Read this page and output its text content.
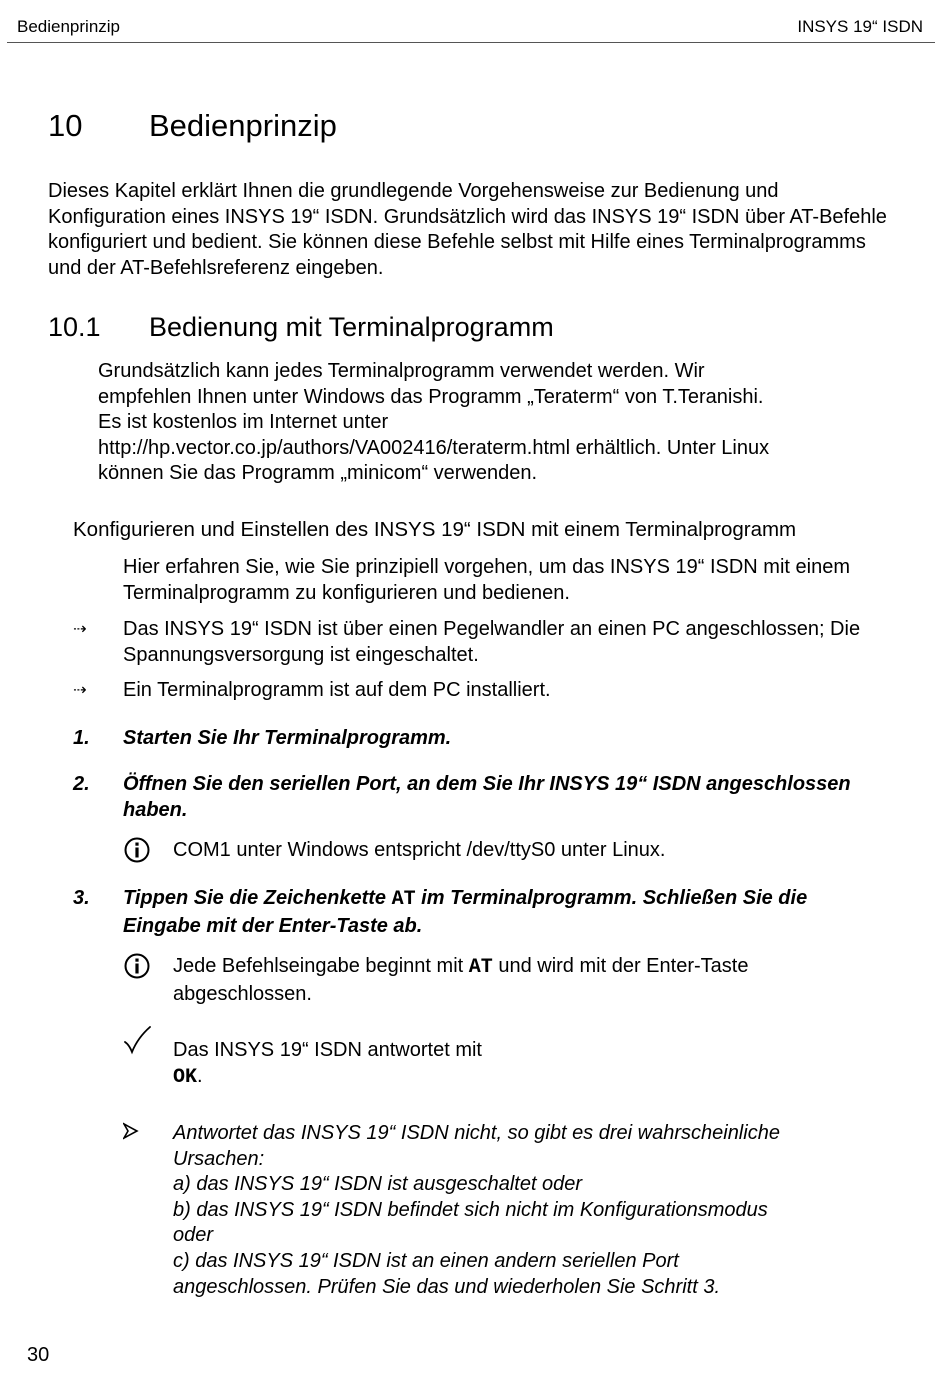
Bedienprinzip	INSYS 19“ ISDN
10 Bedienprinzip
Dieses Kapitel erklärt Ihnen die grundlegende Vorgehensweise zur Bedienung und Konfiguration eines INSYS 19“ ISDN. Grundsätzlich wird das INSYS 19“ ISDN über AT-Befehle konfiguriert und bedient. Sie können diese Befehle selbst mit Hilfe eines Terminalprogramms und der AT-Befehlsreferenz eingeben.
10.1 Bedienung mit Terminalprogramm
Grundsätzlich kann jedes Terminalprogramm verwendet werden. Wir
empfehlen Ihnen unter Windows das Programm „Teraterm“ von T.Teranishi.
Es ist kostenlos im Internet unter
http://hp.vector.co.jp/authors/VA002416/teraterm.html erhältlich. Unter Linux
können Sie das Programm „minicom“ verwenden.
Konfigurieren und Einstellen des INSYS 19“ ISDN mit einem Terminalprogramm
Hier erfahren Sie, wie Sie prinzipiell vorgehen, um das INSYS 19“ ISDN mit einem Terminalprogramm zu konfigurieren und bedienen.
⇢	Das INSYS 19“ ISDN ist über einen Pegelwandler an einen PC angeschlossen; Die Spannungsversorgung ist eingeschaltet.
⇢	Ein Terminalprogramm ist auf dem PC installiert.
1. Starten Sie Ihr Terminalprogramm.
2. Öffnen Sie den seriellen Port, an dem Sie Ihr INSYS 19“ ISDN angeschlossen haben.
COM1 unter Windows entspricht /dev/ttyS0 unter Linux.
3. Tippen Sie die Zeichenkette AT im Terminalprogramm. Schließen Sie die Eingabe mit der Enter-Taste ab.
Jede Befehlseingabe beginnt mit AT und wird mit der Enter-Taste abgeschlossen.
Das INSYS 19“ ISDN antwortet mit
OK.
Antwortet das INSYS 19“ ISDN nicht, so gibt es drei wahrscheinliche
Ursachen:
a) das INSYS 19“ ISDN ist ausgeschaltet oder
b) das INSYS 19“ ISDN befindet sich nicht im Konfigurationsmodus
oder
c) das INSYS 19“ ISDN ist an einen andern seriellen Port
angeschlossen. Prüfen Sie das und wiederholen Sie Schritt 3.
30
